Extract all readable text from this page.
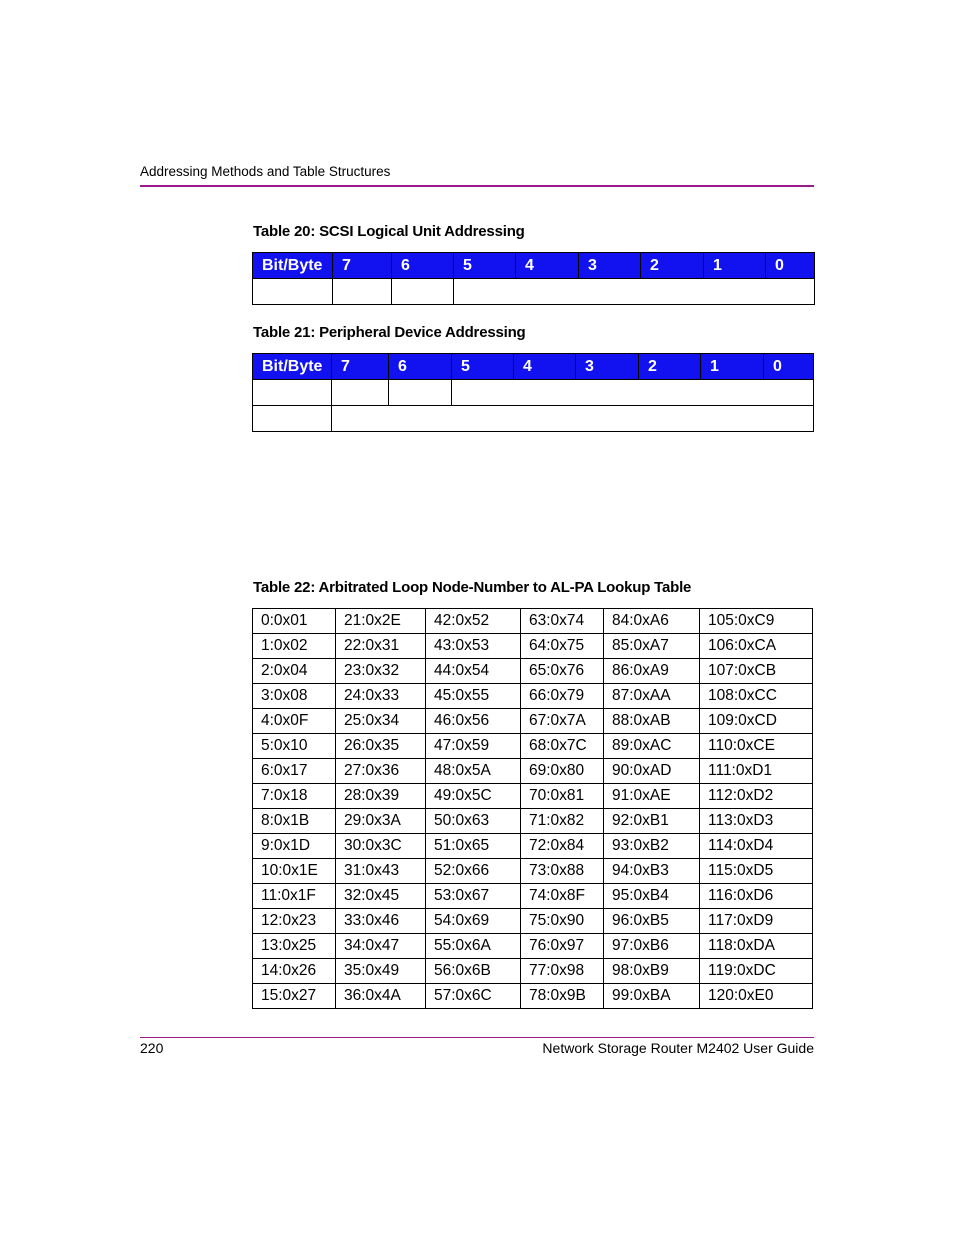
Addressing Methods and Table Structures
Table 20: SCSI Logical Unit Addressing
Bit/Byte	7	6	5	4	3	2	1	0

Table 21: Peripheral Device Addressing
Bit/Byte	7	6	5	4	3	2	1	0

Table 22: Arbitrated Loop Node-Number to AL-PA Lookup Table
0:0x01	21:0x2E	42:0x52	63:0x74	84:0xA6	105:0xC9
1:0x02	22:0x31	43:0x53	64:0x75	85:0xA7	106:0xCA
2:0x04	23:0x32	44:0x54	65:0x76	86:0xA9	107:0xCB
3:0x08	24:0x33	45:0x55	66:0x79	87:0xAA	108:0xCC
4:0x0F	25:0x34	46:0x56	67:0x7A	88:0xAB	109:0xCD
5:0x10	26:0x35	47:0x59	68:0x7C	89:0xAC	110:0xCE
6:0x17	27:0x36	48:0x5A	69:0x80	90:0xAD	111:0xD1
7:0x18	28:0x39	49:0x5C	70:0x81	91:0xAE	112:0xD2
8:0x1B	29:0x3A	50:0x63	71:0x82	92:0xB1	113:0xD3
9:0x1D	30:0x3C	51:0x65	72:0x84	93:0xB2	114:0xD4
10:0x1E	31:0x43	52:0x66	73:0x88	94:0xB3	115:0xD5
11:0x1F	32:0x45	53:0x67	74:0x8F	95:0xB4	116:0xD6
12:0x23	33:0x46	54:0x69	75:0x90	96:0xB5	117:0xD9
13:0x25	34:0x47	55:0x6A	76:0x97	97:0xB6	118:0xDA
14:0x26	35:0x49	56:0x6B	77:0x98	98:0xB9	119:0xDC
15:0x27	36:0x4A	57:0x6C	78:0x9B	99:0xBA	120:0xE0
220	Network Storage Router M2402 User Guide
